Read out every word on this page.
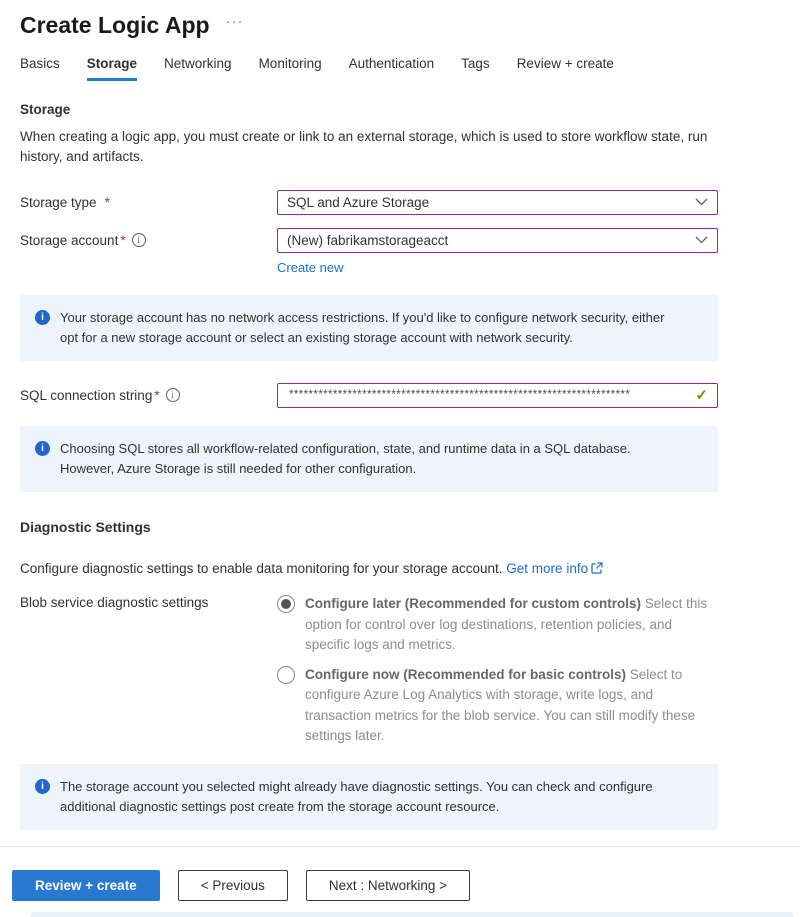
Create Logic App ···
Basics Storage Networking Monitoring Authentication Tags Review + create
Storage

When creating a logic app, you must create or link to an external storage, which is used to store workflow state, run history, and artifacts.

Storage type *	SQL and Azure Storage
Storage account *	i	(New) fabrikamstorageacct
Create new
i	Your storage account has no network access restrictions. If you'd like to configure network security, either opt for a new storage account or select an existing storage account with network security.
SQL connection string *	i
**********************************************************************	✓
i	Choosing SQL stores all workflow-related configuration, state, and runtime data in a SQL database. However, Azure Storage is still needed for other configuration.
Diagnostic Settings

Configure diagnostic settings to enable data monitoring for your storage account. Get more info

Blob service diagnostic settings	Configure later (Recommended for custom controls) Select this option for control over log destinations, retention policies, and specific logs and metrics.

Configure now (Recommended for basic controls) Select to configure Azure Log Analytics with storage, write logs, and transaction metrics for the blob service. You can still modify these settings later.

i	The storage account you selected might already have diagnostic settings. You can check and configure additional diagnostic settings post create from the storage account resource.
Review + create	< Previous	Next : Networking >
